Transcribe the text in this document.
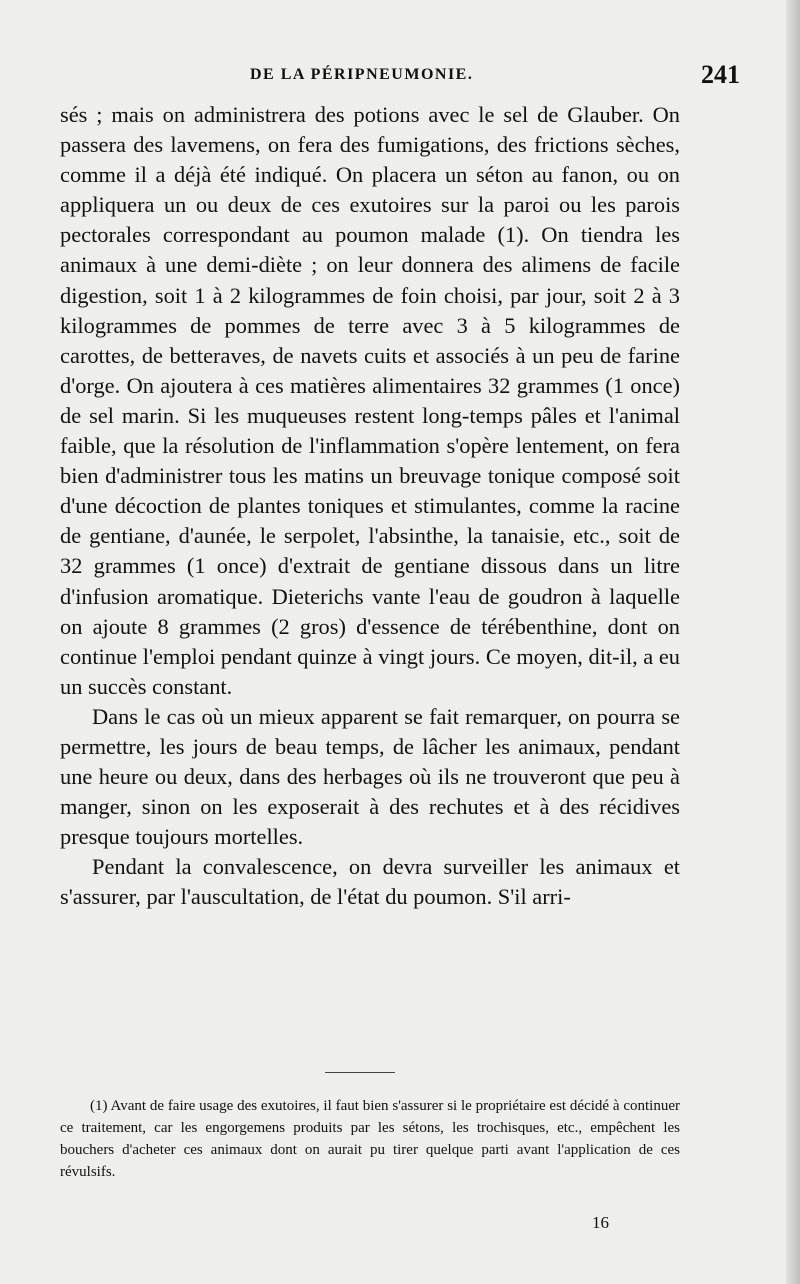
DE LA PÉRIPNEUMONIE.	241

sés ; mais on administrera des potions avec le sel de Glauber. On passera des lavemens, on fera des fumigations, des frictions sèches, comme il a déjà été indiqué. On placera un séton au fanon, ou on appliquera un ou deux de ces exutoires sur la paroi ou les parois pectorales correspondant au poumon malade (1). On tiendra les animaux à une demi-diète ; on leur donnera des alimens de facile digestion, soit 1 à 2 kilogrammes de foin choisi, par jour, soit 2 à 3 kilogrammes de pommes de terre avec 3 à 5 kilogrammes de carottes, de betteraves, de navets cuits et associés à un peu de farine d'orge. On ajoutera à ces matières alimentaires 32 grammes (1 once) de sel marin. Si les muqueuses restent long-temps pâles et l'animal faible, que la résolution de l'inflammation s'opère lentement, on fera bien d'administrer tous les matins un breuvage tonique composé soit d'une décoction de plantes toniques et stimulantes, comme la racine de gentiane, d'aunée, le serpolet, l'absinthe, la tanaisie, etc., soit de 32 grammes (1 once) d'extrait de gentiane dissous dans un litre d'infusion aromatique. Dieterichs vante l'eau de goudron à laquelle on ajoute 8 grammes (2 gros) d'essence de térébenthine, dont on continue l'emploi pendant quinze à vingt jours. Ce moyen, dit-il, a eu un succès constant.

Dans le cas où un mieux apparent se fait remarquer, on pourra se permettre, les jours de beau temps, de lâcher les animaux, pendant une heure ou deux, dans des herbages où ils ne trouveront que peu à manger, sinon on les exposerait à des rechutes et à des récidives presque toujours mortelles.

Pendant la convalescence, on devra surveiller les animaux et s'assurer, par l'auscultation, de l'état du poumon. S'il arri-

(1) Avant de faire usage des exutoires, il faut bien s'assurer si le propriétaire est décidé à continuer ce traitement, car les engorgemens produits par les sétons, les trochisques, etc., empêchent les bouchers d'acheter ces animaux dont on aurait pu tirer quelque parti avant l'application de ces révulsifs.
16
